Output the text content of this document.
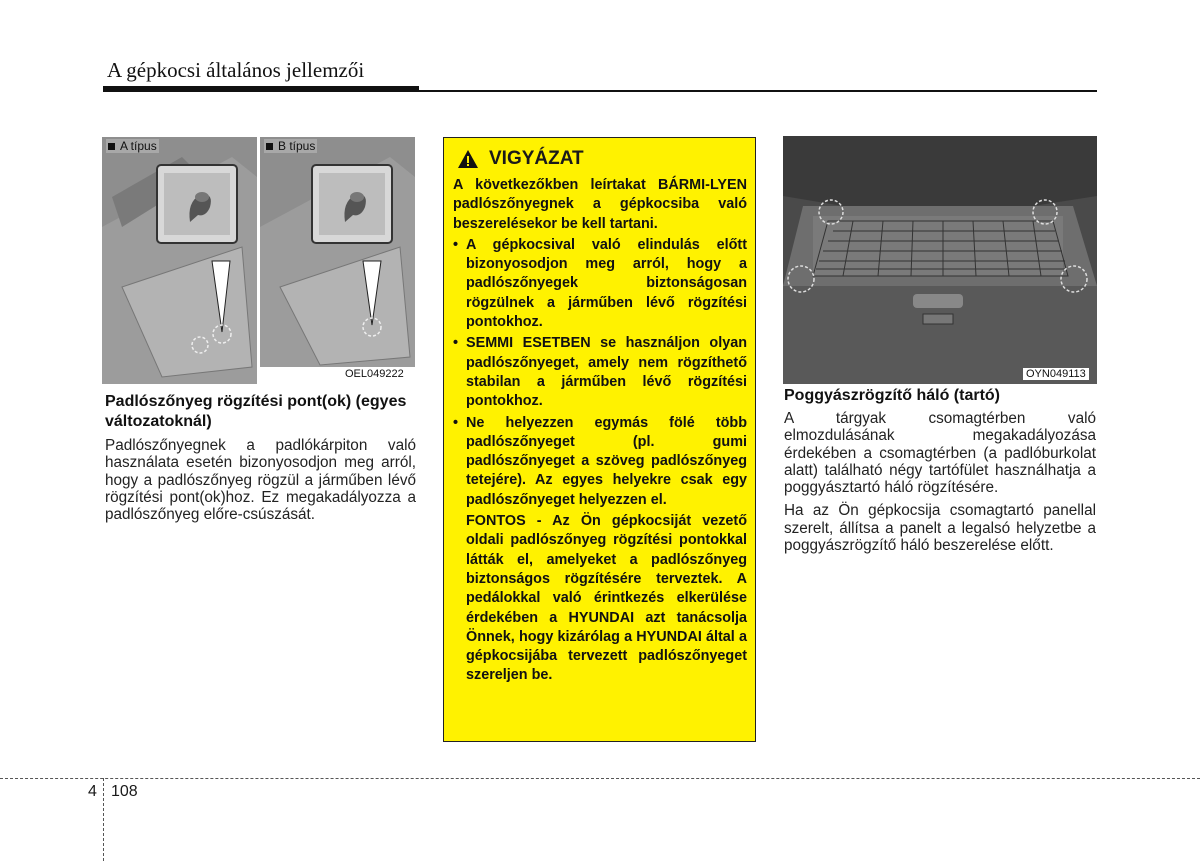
A gépkocsi általános jellemzői
A típus	B típus
OEL049222
Padlószőnyeg rögzítési pont(ok) (egyes változatoknál)

Padlószőnyegnek a padlókárpiton való használata esetén bizonyosodjon meg arról, hogy a padlószőnyeg rögzül a járműben lévő rögzítési pont(ok)hoz. Ez megakadályozza a padlószőnyeg előre-csúszását.

VIGYÁZAT

A következőkben leírtakat BÁRMI-LYEN padlószőnyegnek a gépkocsiba való beszerelésekor be kell tartani.

• A gépkocsival való elindulás előtt bizonyosodjon meg arról, hogy a padlószőnyegek biztonságosan rögzülnek a járműben lévő rögzítési pontokhoz.
• SEMMI ESETBEN se használjon olyan padlószőnyeget, amely nem rögzíthető stabilan a járműben lévő rögzítési pontokhoz.
• Ne helyezzen egymás fölé több padlószőnyeget (pl. gumi padlószőnyeget a szöveg padlószőnyeg tetejére). Az egyes helyekre csak egy padlószőnyeget helyezzen el.

FONTOS - Az Ön gépkocsiját vezető oldali padlószőnyeg rögzítési pontokkal látták el, amelyeket a padlószőnyeg biztonságos rögzítésére terveztek. A pedálokkal való érintkezés elkerülése érdekében a HYUNDAI azt tanácsolja Önnek, hogy kizárólag a HYUNDAI által a gépkocsijába tervezett padlószőnyeget szereljen be.

OYN049113
Poggyászrögzítő háló (tartó)

A tárgyak csomagtérben való elmozdulásának megakadályozása érdekében a csomagtérben (a padlóburkolat alatt) található négy tartófület használhatja a poggyásztartó háló rögzítésére.

Ha az Ön gépkocsija csomagtartó panellal szerelt, állítsa a panelt a legalsó helyzetbe a poggyászrögzítő háló beszerelése előtt.

4 108
